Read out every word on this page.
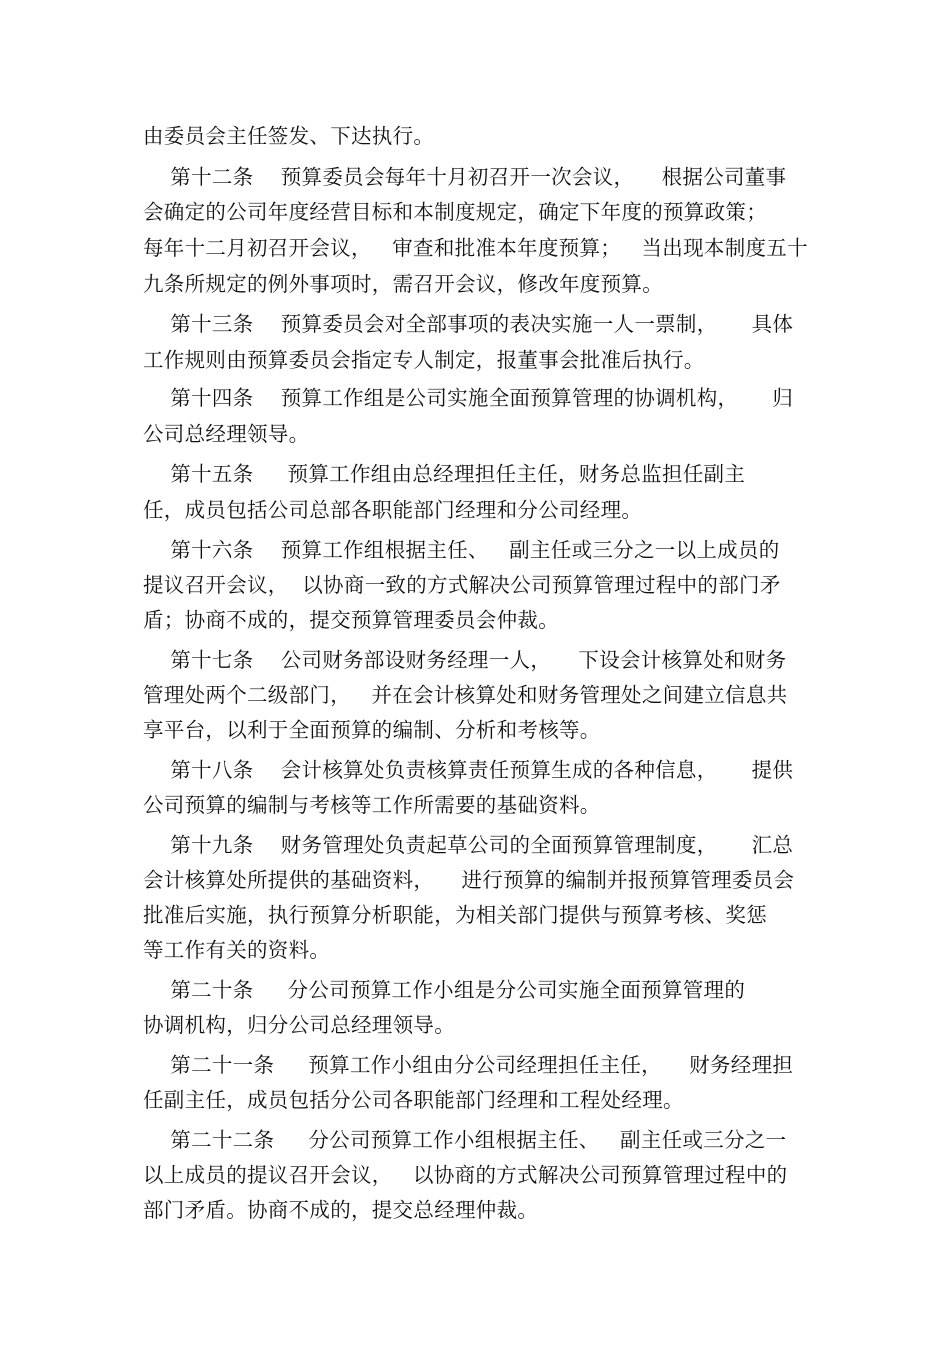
由委员会主任签发、下达执行。
第十二条    预算委员会每年十月初召开一次会议，    根据公司董事
会确定的公司年度经营目标和本制度规定，确定下年度的预算政策；
每年十二月初召开会议，   审查和批准本年度预算；   当出现本制度五十
九条所规定的例外事项时，需召开会议，修改年度预算。
第十三条    预算委员会对全部事项的表决实施一人一票制，     具体
工作规则由预算委员会指定专人制定，报董事会批准后执行。
第十四条    预算工作组是公司实施全面预算管理的协调机构，     归
公司总经理领导。
第十五条     预算工作组由总经理担任主任，财务总监担任副主
任，成员包括公司总部各职能部门经理和分公司经理。
第十六条    预算工作组根据主任、   副主任或三分之一以上成员的
提议召开会议，  以协商一致的方式解决公司预算管理过程中的部门矛
盾；协商不成的，提交预算管理委员会仲裁。
第十七条    公司财务部设财务经理一人，    下设会计核算处和财务
管理处两个二级部门，   并在会计核算处和财务管理处之间建立信息共
享平台，以利于全面预算的编制、分析和考核等。
第十八条    会计核算处负责核算责任预算生成的各种信息，     提供
公司预算的编制与考核等工作所需要的基础资料。
第十九条    财务管理处负责起草公司的全面预算管理制度，     汇总
会计核算处所提供的基础资料，    进行预算的编制并报预算管理委员会
批准后实施，执行预算分析职能，为相关部门提供与预算考核、奖惩
等工作有关的资料。
第二十条     分公司预算工作小组是分公司实施全面预算管理的
协调机构，归分公司总经理领导。
第二十一条     预算工作小组由分公司经理担任主任，    财务经理担
任副主任，成员包括分公司各职能部门经理和工程处经理。
第二十二条     分公司预算工作小组根据主任、   副主任或三分之一
以上成员的提议召开会议，   以协商的方式解决公司预算管理过程中的
部门矛盾。协商不成的，提交总经理仲裁。
